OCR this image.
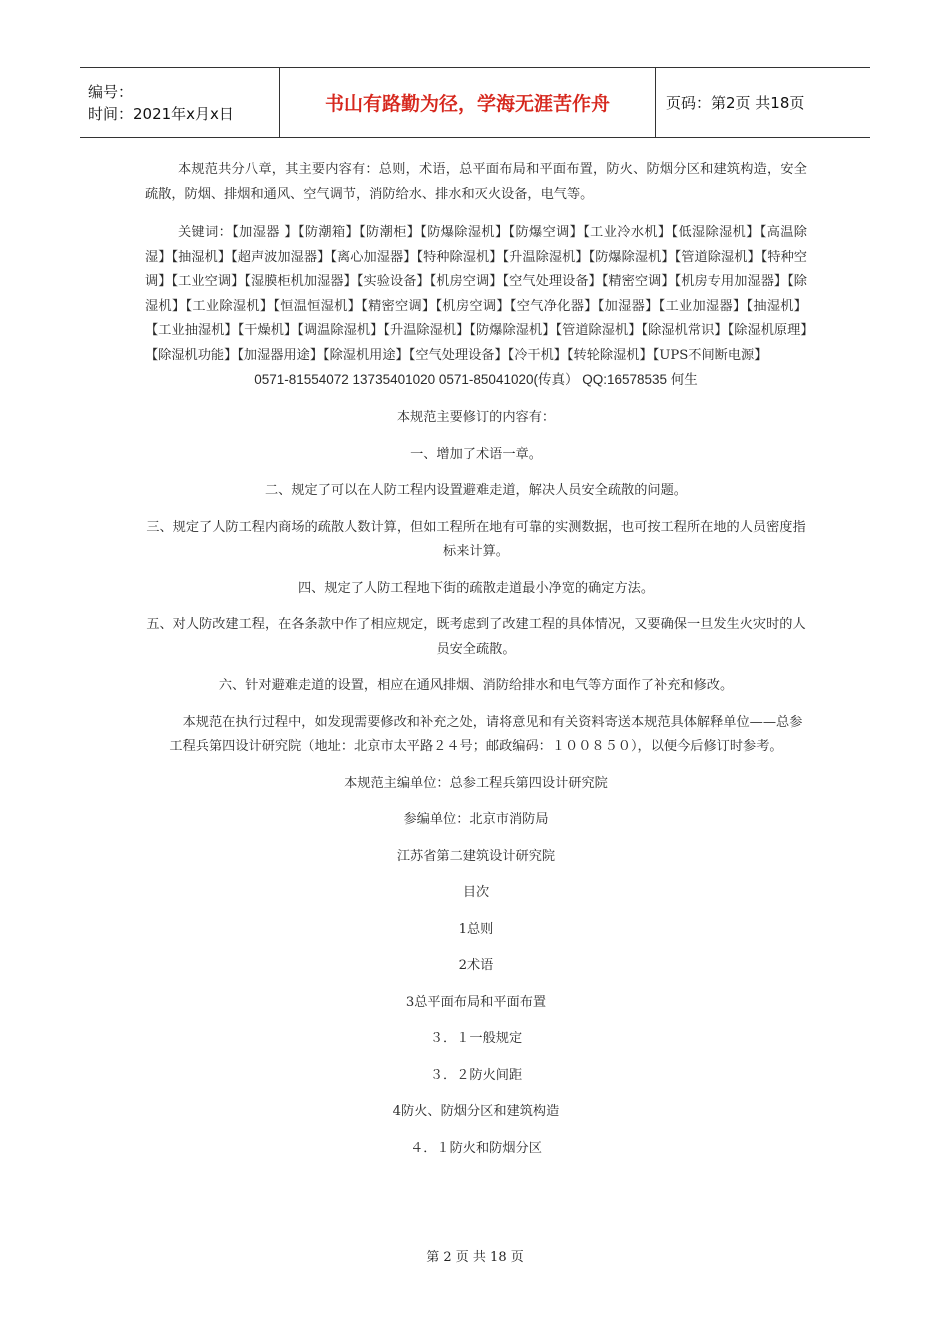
编号：
时间：2021年x月x日	书山有路勤为径，学海无涯苦作舟	页码：第2页 共18页

本规范共分八章，其主要内容有：总则，术语，总平面布局和平面布置，防火、防烟分区和建筑构造，安全疏散，防烟、排烟和通风、空气调节，消防给水、排水和灭火设备，电气等。

关键词：【加湿器 】【防潮箱】【防潮柜】【防爆除湿机】【防爆空调】【工业冷水机】【低湿除湿机】【高温除湿】【抽湿机】【超声波加湿器】【离心加湿器】【特种除湿机】【升温除湿机】【防爆除湿机】【管道除湿机】【特种空调】【工业空调】【湿膜柜机加湿器】【实验设备】【机房空调】【空气处理设备】【精密空调】【机房专用加湿器】【除湿机】【工业除湿机】【恒温恒湿机】【精密空调】【机房空调】【空气净化器】【加湿器】【工业加湿器】【抽湿机】【工业抽湿机】【干燥机】【调温除湿机】【升温除湿机】【防爆除湿机】【管道除湿机】【除湿机常识】【除湿机原理】【除湿机功能】【加湿器用途】【除湿机用途】【空气处理设备】【冷干机】【转轮除湿机】【UPS不间断电源】

0571-81554072 13735401020 0571-85041020(传真） QQ:16578535 何生

本规范主要修订的内容有：

一、增加了术语一章。

二、规定了可以在人防工程内设置避难走道，解决人员安全疏散的问题。

三、规定了人防工程内商场的疏散人数计算，但如工程所在地有可靠的实测数据，也可按工程所在地的人员密度指标来计算。

四、规定了人防工程地下街的疏散走道最小净宽的确定方法。

五、对人防改建工程，在各条款中作了相应规定，既考虑到了改建工程的具体情况，又要确保一旦发生火灾时的人员安全疏散。

六、针对避难走道的设置，相应在通风排烟、消防给排水和电气等方面作了补充和修改。

本规范在执行过程中，如发现需要修改和补充之处，请将意见和有关资料寄送本规范具体解释单位——总参工程兵第四设计研究院（地址：北京市太平路２４号；邮政编码：１００８５０），以便今后修订时参考。

本规范主编单位：总参工程兵第四设计研究院

参编单位：北京市消防局

江苏省第二建筑设计研究院

目次

1总则

2术语

3总平面布局和平面布置

３．１一般规定

３．２防火间距

4防火、防烟分区和建筑构造

４．１防火和防烟分区

第 2 页 共 18 页
